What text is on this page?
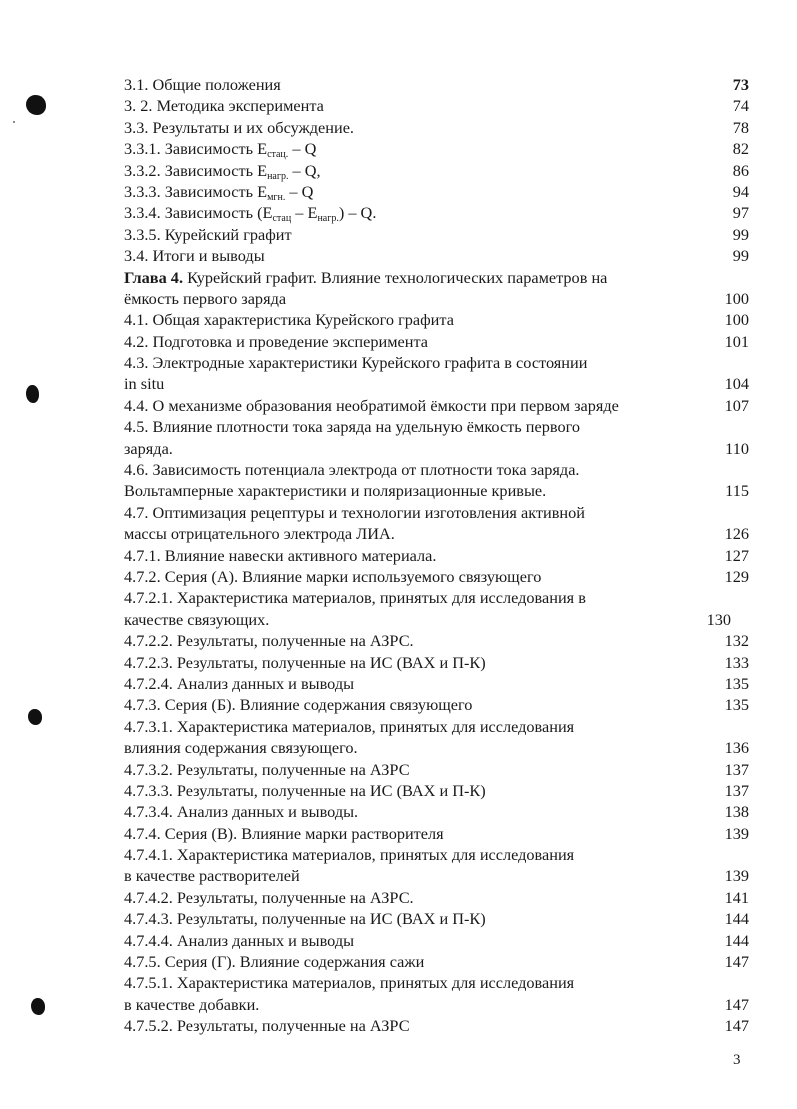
3.1. Общие положения	73
3. 2. Методика эксперимента	74
3.3. Результаты и их обсуждение.	78
3.3.1. Зависимость $E_{стац.}$ – Q	82
3.3.2. Зависимость $E_{нагр.}$ – Q,	86
3.3.3. Зависимость $E_{мгн.}$ – Q	94
3.3.4. Зависимость $(E_{стац} - E_{нагр.})$ – Q.	97
3.3.5. Курейский графит	99
3.4. Итоги и выводы	99
Глава 4. Курейский графит. Влияние технологических параметров на
ёмкость первого заряда	100
4.1. Общая характеристика Курейского графита	100
4.2. Подготовка и проведение эксперимента	101
4.3. Электродные характеристики Курейского графита в состоянии
in situ	104
4.4. О механизме образования необратимой ёмкости при первом заряде	107
4.5. Влияние плотности тока заряда на удельную ёмкость первого
заряда.	110
4.6. Зависимость потенциала электрода от плотности тока заряда.
Вольтамперные характеристики и поляризационные кривые.	115
4.7. Оптимизация рецептуры и технологии изготовления активной
массы отрицательного электрода ЛИА.	126
4.7.1. Влияние навески активного материала.	127
4.7.2. Серия (А). Влияние марки используемого связующего	129
4.7.2.1. Характеристика материалов, принятых для исследования в
качестве связующих.	130
4.7.2.2. Результаты, полученные на АЗРС.	132
4.7.2.3. Результаты, полученные на ИС (ВАХ и П-К)	133
4.7.2.4. Анализ данных и выводы	135
4.7.3. Серия (Б). Влияние содержания связующего	135
4.7.3.1. Характеристика материалов, принятых для исследования
влияния содержания связующего.	136
4.7.3.2. Результаты, полученные на АЗРС	137
4.7.3.3. Результаты, полученные на ИС (ВАХ и П-К)	137
4.7.3.4. Анализ данных и выводы.	138
4.7.4. Серия (В). Влияние марки растворителя	139
4.7.4.1. Характеристика материалов, принятых для исследования
в качестве растворителей	139
4.7.4.2. Результаты, полученные на АЗРС.	141
4.7.4.3. Результаты, полученные на ИС (ВАХ и П-К)	144
4.7.4.4. Анализ данных и выводы	144
4.7.5. Серия (Г). Влияние содержания сажи	147
4.7.5.1. Характеристика материалов, принятых для исследования
в качестве добавки.	147
4.7.5.2. Результаты, полученные на АЗРС	147
3
